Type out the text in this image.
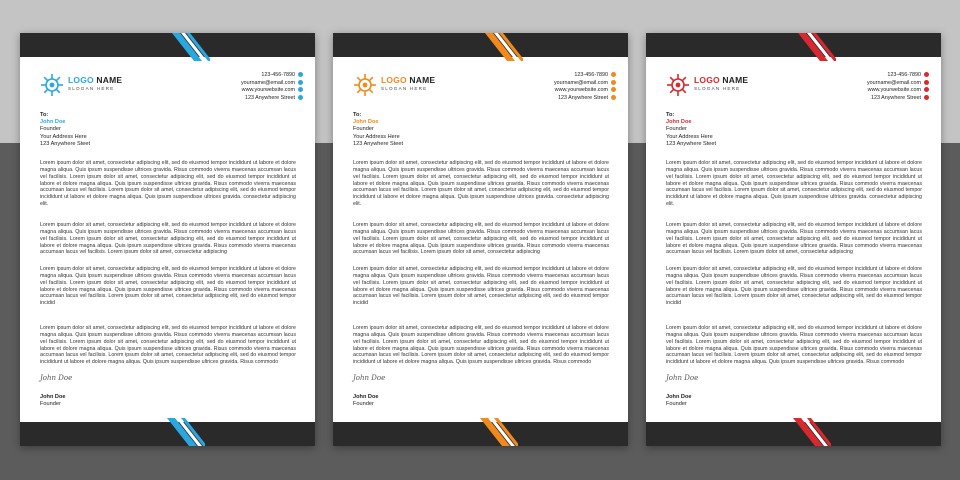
LOGO NAME
SLOGAN HERE
123-456-7890
yourname@email.com
www.yourwebsite.com
123 Anywhere Street
To:
John Doe
Founder
Your Address Here
123 Anywhere Steet
Lorem ipsum dolor sit amet, consectetur adipiscing elit, sed do eiusmod tempor incididunt ut labore et dolore magna aliqua. Quis ipsum suspendisse ultrices gravida. Risus commodo viverra maecenas accumsan lacus vel facilisis. Lorem ipsum dolor sit amet, consectetur adipiscing elit, sed do eiusmod tempor incididunt ut labore et dolore magna aliqua. Quis ipsum suspendisse ultrices gravida. Risus commodo viverra maecenas accumsan lacus vel facilisis. Lorem ipsum dolor sit amet, consectetur adipiscing elit, sed do eiusmod tempor incididunt ut labore et dolore magna aliqua. Quis ipsum suspendisse ultrices gravida. consectetur adipiscing elit.
Lorem ipsum dolor sit amet, consectetur adipiscing elit, sed do eiusmod tempor incididunt ut labore et dolore magna aliqua. Quis ipsum suspendisse ultrices gravida. Risus commodo viverra maecenas accumsan lacus vel facilisis. Lorem ipsum dolor sit amet, consectetur adipiscing elit, sed do eiusmod tempor incididunt ut labore et dolore magna aliqua. Quis ipsum suspendisse ultrices gravida. Risus commodo viverra maecenas accumsan lacus vel facilisis. Lorem ipsum dolor sit amet, consectetur adipiscing
Lorem ipsum dolor sit amet, consectetur adipiscing elit, sed do eiusmod tempor incididunt ut labore et dolore magna aliqua. Quis ipsum suspendisse ultrices gravida. Risus commodo viverra maecenas accumsan lacus vel facilisis. Lorem ipsum dolor sit amet, consectetur adipiscing elit, sed do eiusmod tempor incididunt ut labore et dolore magna aliqua. Quis ipsum suspendisse ultrices gravida. Risus commodo viverra maecenas accumsan lacus vel facilisis. Lorem ipsum dolor sit amet, consectetur adipiscing elit, sed do eiusmod tempor incidid
Lorem ipsum dolor sit amet, consectetur adipiscing elit, sed do eiusmod tempor incididunt ut labore et dolore magna aliqua. Quis ipsum suspendisse ultrices gravida. Risus commodo viverra maecenas accumsan lacus vel facilisis. Lorem ipsum dolor sit amet, consectetur adipiscing elit, sed do eiusmod tempor incididunt ut labore et dolore magna aliqua. Quis ipsum suspendisse ultrices gravida. Risus commodo viverra maecenas accumsan lacus vel facilisis. Lorem ipsum dolor sit amet, consectetur adipiscing elit, sed do eiusmod tempor incididunt ut labore et dolore magna aliqua. Quis ipsum suspendisse ultrices gravida. Risus commodo
John Doe
John Doe
Founder
LOGO NAME
SLOGAN HERE
123-456-7890
yourname@email.com
www.yourwebsite.com
123 Anywhere Street
To:
John Doe
Founder
Your Address Here
123 Anywhere Steet
Lorem ipsum dolor sit amet, consectetur adipiscing elit, sed do eiusmod tempor incididunt ut labore et dolore magna aliqua. Quis ipsum suspendisse ultrices gravida. Risus commodo viverra maecenas accumsan lacus vel facilisis. Lorem ipsum dolor sit amet, consectetur adipiscing elit, sed do eiusmod tempor incididunt ut labore et dolore magna aliqua. Quis ipsum suspendisse ultrices gravida. Risus commodo viverra maecenas accumsan lacus vel facilisis. Lorem ipsum dolor sit amet, consectetur adipiscing elit, sed do eiusmod tempor incididunt ut labore et dolore magna aliqua. Quis ipsum suspendisse ultrices gravida. consectetur adipiscing elit.
Lorem ipsum dolor sit amet, consectetur adipiscing elit, sed do eiusmod tempor incididunt ut labore et dolore magna aliqua. Quis ipsum suspendisse ultrices gravida. Risus commodo viverra maecenas accumsan lacus vel facilisis. Lorem ipsum dolor sit amet, consectetur adipiscing elit, sed do eiusmod tempor incididunt ut labore et dolore magna aliqua. Quis ipsum suspendisse ultrices gravida. Risus commodo viverra maecenas accumsan lacus vel facilisis. Lorem ipsum dolor sit amet, consectetur adipiscing
Lorem ipsum dolor sit amet, consectetur adipiscing elit, sed do eiusmod tempor incididunt ut labore et dolore magna aliqua. Quis ipsum suspendisse ultrices gravida. Risus commodo viverra maecenas accumsan lacus vel facilisis. Lorem ipsum dolor sit amet, consectetur adipiscing elit, sed do eiusmod tempor incididunt ut labore et dolore magna aliqua. Quis ipsum suspendisse ultrices gravida. Risus commodo viverra maecenas accumsan lacus vel facilisis. Lorem ipsum dolor sit amet, consectetur adipiscing elit, sed do eiusmod tempor incidid
Lorem ipsum dolor sit amet, consectetur adipiscing elit, sed do eiusmod tempor incididunt ut labore et dolore magna aliqua. Quis ipsum suspendisse ultrices gravida. Risus commodo viverra maecenas accumsan lacus vel facilisis. Lorem ipsum dolor sit amet, consectetur adipiscing elit, sed do eiusmod tempor incididunt ut labore et dolore magna aliqua. Quis ipsum suspendisse ultrices gravida. Risus commodo viverra maecenas accumsan lacus vel facilisis. Lorem ipsum dolor sit amet, consectetur adipiscing elit, sed do eiusmod tempor incididunt ut labore et dolore magna aliqua. Quis ipsum suspendisse ultrices gravida. Risus commodo
John Doe
John Doe
Founder
LOGO NAME
SLOGAN HERE
123-456-7890
yourname@email.com
www.yourwebsite.com
123 Anywhere Street
To:
John Doe
Founder
Your Address Here
123 Anywhere Steet
Lorem ipsum dolor sit amet, consectetur adipiscing elit, sed do eiusmod tempor incididunt ut labore et dolore magna aliqua. Quis ipsum suspendisse ultrices gravida. Risus commodo viverra maecenas accumsan lacus vel facilisis. Lorem ipsum dolor sit amet, consectetur adipiscing elit, sed do eiusmod tempor incididunt ut labore et dolore magna aliqua. Quis ipsum suspendisse ultrices gravida. Risus commodo viverra maecenas accumsan lacus vel facilisis. Lorem ipsum dolor sit amet, consectetur adipiscing elit, sed do eiusmod tempor incididunt ut labore et dolore magna aliqua. Quis ipsum suspendisse ultrices gravida. consectetur adipiscing elit.
Lorem ipsum dolor sit amet, consectetur adipiscing elit, sed do eiusmod tempor incididunt ut labore et dolore magna aliqua. Quis ipsum suspendisse ultrices gravida. Risus commodo viverra maecenas accumsan lacus vel facilisis. Lorem ipsum dolor sit amet, consectetur adipiscing elit, sed do eiusmod tempor incididunt ut labore et dolore magna aliqua. Quis ipsum suspendisse ultrices gravida. Risus commodo viverra maecenas accumsan lacus vel facilisis. Lorem ipsum dolor sit amet, consectetur adipiscing
Lorem ipsum dolor sit amet, consectetur adipiscing elit, sed do eiusmod tempor incididunt ut labore et dolore magna aliqua. Quis ipsum suspendisse ultrices gravida. Risus commodo viverra maecenas accumsan lacus vel facilisis. Lorem ipsum dolor sit amet, consectetur adipiscing elit, sed do eiusmod tempor incididunt ut labore et dolore magna aliqua. Quis ipsum suspendisse ultrices gravida. Risus commodo viverra maecenas accumsan lacus vel facilisis. Lorem ipsum dolor sit amet, consectetur adipiscing elit, sed do eiusmod tempor incidid
Lorem ipsum dolor sit amet, consectetur adipiscing elit, sed do eiusmod tempor incididunt ut labore et dolore magna aliqua. Quis ipsum suspendisse ultrices gravida. Risus commodo viverra maecenas accumsan lacus vel facilisis. Lorem ipsum dolor sit amet, consectetur adipiscing elit, sed do eiusmod tempor incididunt ut labore et dolore magna aliqua. Quis ipsum suspendisse ultrices gravida. Risus commodo viverra maecenas accumsan lacus vel facilisis. Lorem ipsum dolor sit amet, consectetur adipiscing elit, sed do eiusmod tempor incididunt ut labore et dolore magna aliqua. Quis ipsum suspendisse ultrices gravida. Risus commodo
John Doe
John Doe
Founder
